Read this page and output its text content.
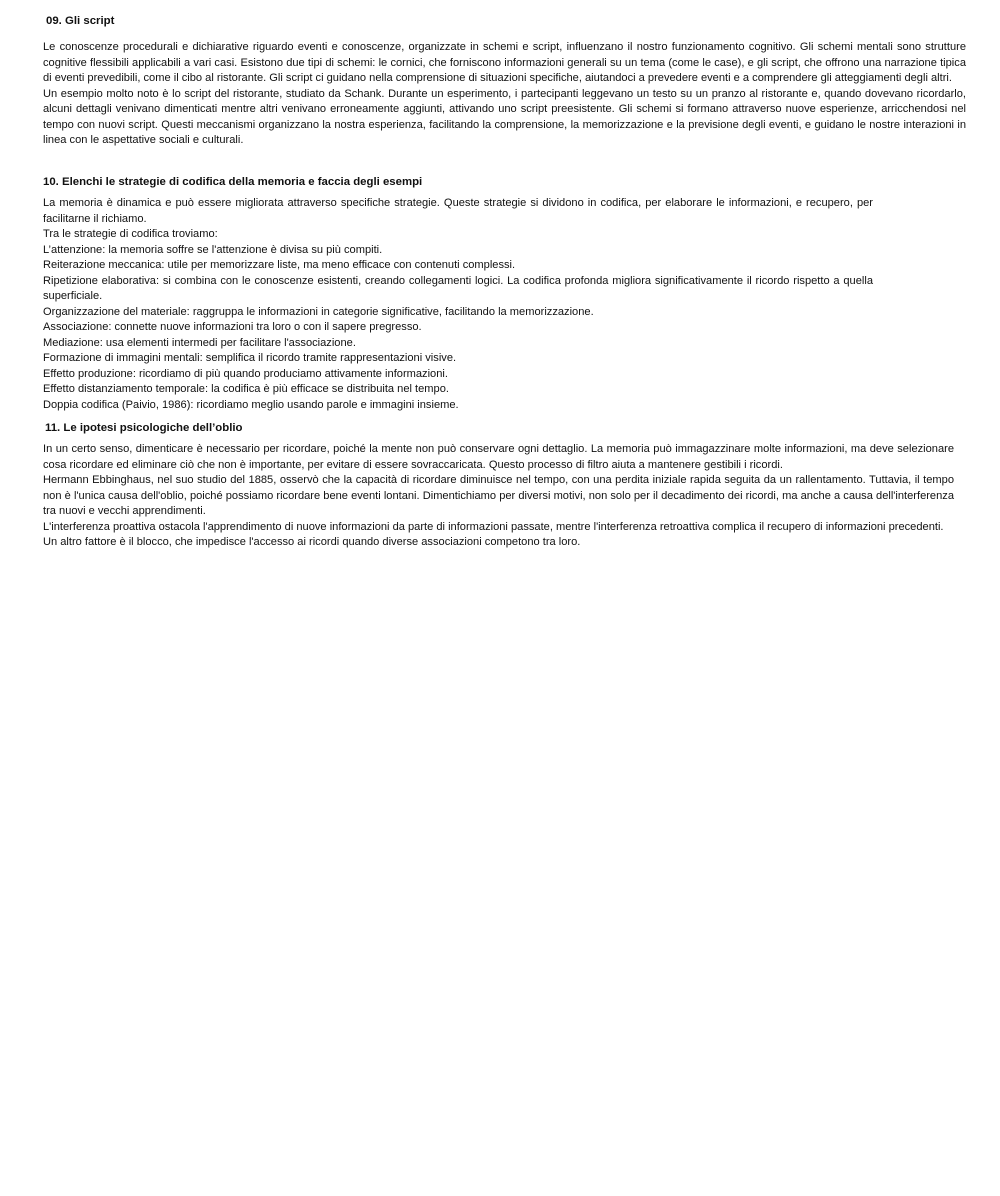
09. Gli script

Le conoscenze procedurali e dichiarative riguardo eventi e conoscenze, organizzate in schemi e script, influenzano il nostro funzionamento cognitivo. Gli schemi mentali sono strutture cognitive flessibili applicabili a vari casi. Esistono due tipi di schemi: le cornici, che forniscono informazioni generali su un tema (come le case), e gli script, che offrono una narrazione tipica di eventi prevedibili, come il cibo al ristorante. Gli script ci guidano nella comprensione di situazioni specifiche, aiutandoci a prevedere eventi e a comprendere gli atteggiamenti degli altri.

Un esempio molto noto è lo script del ristorante, studiato da Schank. Durante un esperimento, i partecipanti leggevano un testo su un pranzo al ristorante e, quando dovevano ricordarlo, alcuni dettagli venivano dimenticati mentre altri venivano erroneamente aggiunti, attivando uno script preesistente. Gli schemi si formano attraverso nuove esperienze, arricchendosi nel tempo con nuovi script. Questi meccanismi organizzano la nostra esperienza, facilitando la comprensione, la memorizzazione e la previsione degli eventi, e guidano le nostre interazioni in linea con le aspettative sociali e culturali.

10. Elenchi le strategie di codifica della memoria e faccia degli esempi

La memoria è dinamica e può essere migliorata attraverso specifiche strategie. Queste strategie si dividono in codifica, per elaborare le informazioni, e recupero, per facilitarne il richiamo.

Tra le strategie di codifica troviamo:

L’attenzione: la memoria soffre se l'attenzione è divisa su più compiti.

Reiterazione meccanica: utile per memorizzare liste, ma meno efficace con contenuti complessi.

Ripetizione elaborativa: si combina con le conoscenze esistenti, creando collegamenti logici. La codifica profonda migliora significativamente il ricordo rispetto a quella superficiale.

Organizzazione del materiale: raggruppa le informazioni in categorie significative, facilitando la memorizzazione.

Associazione: connette nuove informazioni tra loro o con il sapere pregresso.

Mediazione: usa elementi intermedi per facilitare l'associazione.

Formazione di immagini mentali: semplifica il ricordo tramite rappresentazioni visive.

Effetto produzione: ricordiamo di più quando produciamo attivamente informazioni.

Effetto distanziamento temporale: la codifica è più efficace se distribuita nel tempo.

Doppia codifica (Paivio, 1986): ricordiamo meglio usando parole e immagini insieme.

11. Le ipotesi psicologiche dell’oblio

In un certo senso, dimenticare è necessario per ricordare, poiché la mente non può conservare ogni dettaglio. La memoria può immagazzinare molte informazioni, ma deve selezionare cosa ricordare ed eliminare ciò che non è importante, per evitare di essere sovraccaricata. Questo processo di filtro aiuta a mantenere gestibili i ricordi.

Hermann Ebbinghaus, nel suo studio del 1885, osservò che la capacità di ricordare diminuisce nel tempo, con una perdita iniziale rapida seguita da un rallentamento. Tuttavia, il tempo non è l'unica causa dell'oblio, poiché possiamo ricordare bene eventi lontani. Dimentichiamo per diversi motivi, non solo per il decadimento dei ricordi, ma anche a causa dell'interferenza tra nuovi e vecchi apprendimenti.

L'interferenza proattiva ostacola l'apprendimento di nuove informazioni da parte di informazioni passate, mentre l'interferenza retroattiva complica il recupero di informazioni precedenti.

Un altro fattore è il blocco, che impedisce l'accesso ai ricordi quando diverse associazioni competono tra loro.
